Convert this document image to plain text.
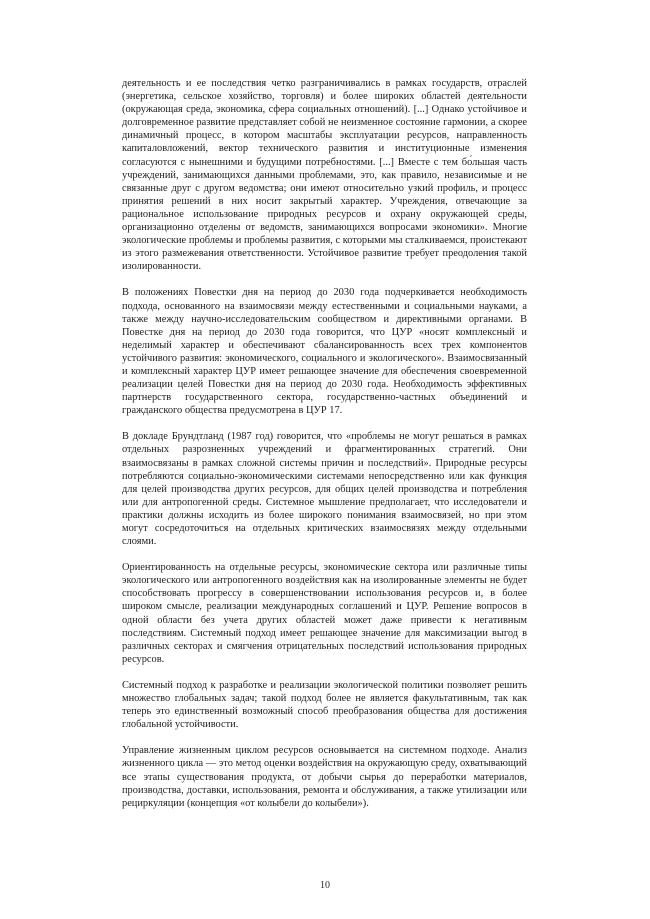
деятельность и ее последствия четко разграничивались в рамках государств, отраслей (энергетика, сельское хозяйство, торговля) и более широких областей деятельности (окружающая среда, экономика, сфера социальных отношений). [...] Однако устойчивое и долговременное развитие представляет собой не неизменное состояние гармонии, а скорее динамичный процесс, в котором масштабы эксплуатации ресурсов, направленность капиталовложений, вектор технического развития и институционные изменения согласуются с нынешними и будущими потребностями. [...] Вместе с тем бо́льшая часть учреждений, занимающихся данными проблемами, это, как правило, независимые и не связанные друг с другом ведомства; они имеют относительно узкий профиль, и процесс принятия решений в них носит закрытый характер. Учреждения, отвечающие за рациональное использование природных ресурсов и охрану окружающей среды, организационно отделены от ведомств, занимающихся вопросами экономики». Многие экологические проблемы и проблемы развития, с которыми мы сталкиваемся, проистекают из этого размежевания ответственности. Устойчивое развитие требует преодоления такой изолированности.

В положениях Повестки дня на период до 2030 года подчеркивается необходимость подхода, основанного на взаимосвязи между естественными и социальными науками, а также между научно-исследовательским сообществом и директивными органами. В Повестке дня на период до 2030 года говорится, что ЦУР «носят комплексный и неделимый характер и обеспечивают сбалансированность всех трех компонентов устойчивого развития: экономического, социального и экологического». Взаимосвязанный и комплексный характер ЦУР имеет решающее значение для обеспечения своевременной реализации целей Повестки дня на период до 2030 года. Необходимость эффективных партнерств государственного сектора, государственно-частных объединений и гражданского общества предусмотрена в ЦУР 17.

В докладе Брундтланд (1987 год) говорится, что «проблемы не могут решаться в рамках отдельных разрозненных учреждений и фрагментированных стратегий. Они взаимосвязаны в рамках сложной системы причин и последствий». Природные ресурсы потребляются социально-экономическими системами непосредственно или как функция для целей производства других ресурсов, для общих целей производства и потребления или для антропогенной среды. Системное мышление предполагает, что исследователи и практики должны исходить из более широкого понимания взаимосвязей, но при этом могут сосредоточиться на отдельных критических взаимосвязях между отдельными слоями.

Ориентированность на отдельные ресурсы, экономические сектора или различные типы экологического или антропогенного воздействия как на изолированные элементы не будет способствовать прогрессу в совершенствовании использования ресурсов и, в более широком смысле, реализации международных соглашений и ЦУР. Решение вопросов в одной области без учета других областей может даже привести к негативным последствиям. Системный подход имеет решающее значение для максимизации выгод в различных секторах и смягчения отрицательных последствий использования природных ресурсов.

Системный подход к разработке и реализации экологической политики позволяет решить множество глобальных задач; такой подход более не является факультативным, так как теперь это единственный возможный способ преобразования общества для достижения глобальной устойчивости.

Управление жизненным циклом ресурсов основывается на системном подходе. Анализ жизненного цикла — это метод оценки воздействия на окружающую среду, охватывающий все этапы существования продукта, от добычи сырья до переработки материалов, производства, доставки, использования, ремонта и обслуживания, а также утилизации или рециркуляции (концепция «от колыбели до колыбели»).

10
